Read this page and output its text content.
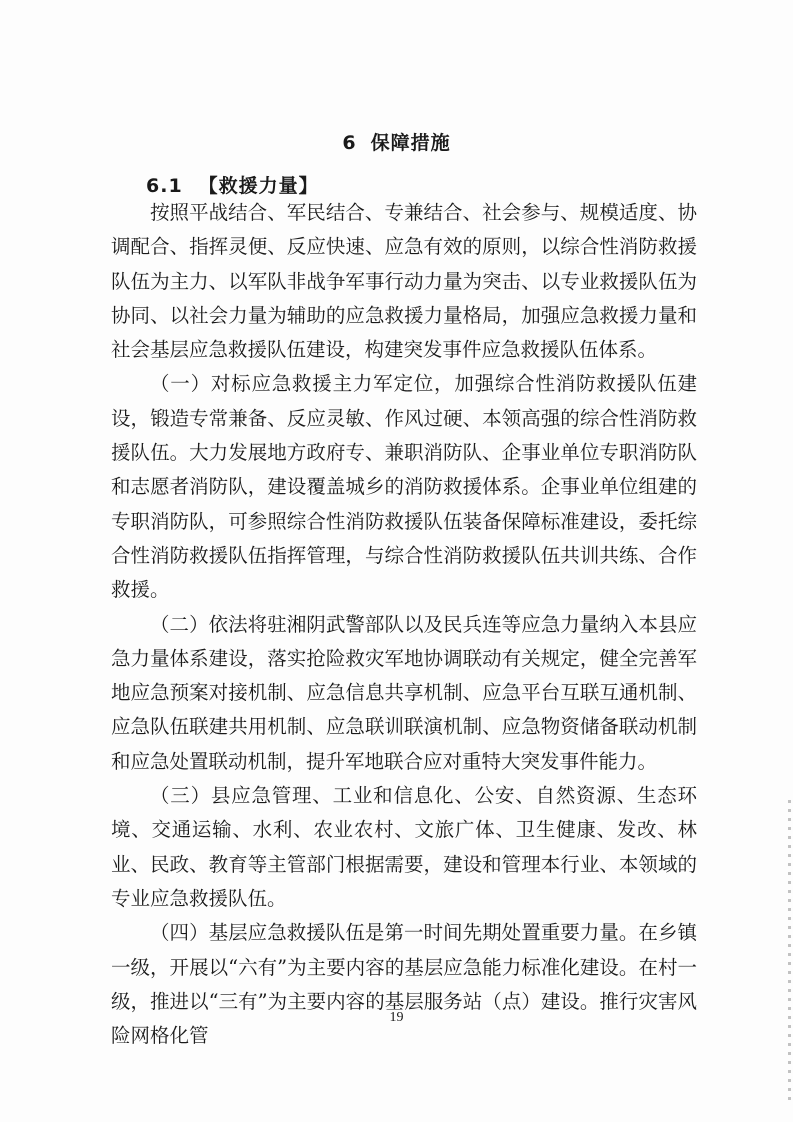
6 保障措施
6.1 【救援力量】

按照平战结合、军民结合、专兼结合、社会参与、规模适度、协调配合、指挥灵便、反应快速、应急有效的原则，以综合性消防救援队伍为主力、以军队非战争军事行动力量为突击、以专业救援队伍为协同、以社会力量为辅助的应急救援力量格局，加强应急救援力量和社会基层应急救援队伍建设，构建突发事件应急救援队伍体系。

（一）对标应急救援主力军定位，加强综合性消防救援队伍建设，锻造专常兼备、反应灵敏、作风过硬、本领高强的综合性消防救援队伍。大力发展地方政府专、兼职消防队、企事业单位专职消防队和志愿者消防队，建设覆盖城乡的消防救援体系。企事业单位组建的专职消防队，可参照综合性消防救援队伍装备保障标准建设，委托综合性消防救援队伍指挥管理，与综合性消防救援队伍共训共练、合作救援。

（二）依法将驻湘阴武警部队以及民兵连等应急力量纳入本县应急力量体系建设，落实抢险救灾军地协调联动有关规定，健全完善军地应急预案对接机制、应急信息共享机制、应急平台互联互通机制、应急队伍联建共用机制、应急联训联演机制、应急物资储备联动机制和应急处置联动机制，提升军地联合应对重特大突发事件能力。

（三）县应急管理、工业和信息化、公安、自然资源、生态环境、交通运输、水利、农业农村、文旅广体、卫生健康、发改、林业、民政、教育等主管部门根据需要，建设和管理本行业、本领域的专业应急救援队伍。

（四）基层应急救援队伍是第一时间先期处置重要力量。在乡镇一级，开展以“六有”为主要内容的基层应急能力标准化建设。在村一级，推进以“三有”为主要内容的基层服务站（点）建设。推行灾害风险网格化管

19
